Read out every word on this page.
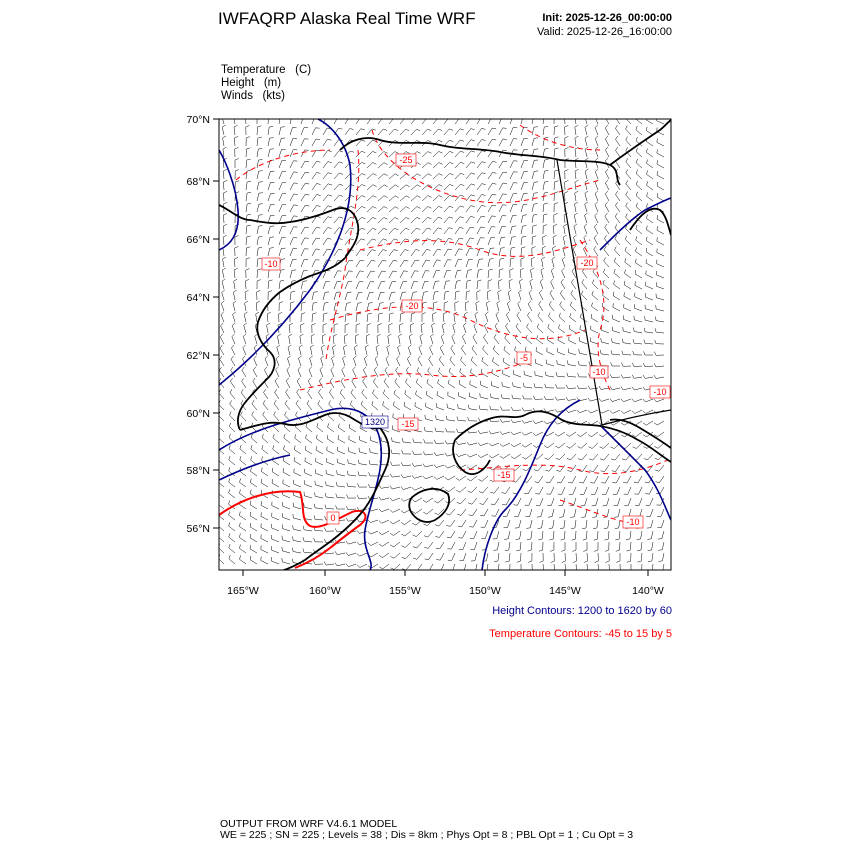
IWFAQRP Alaska Real Time WRF	Init: 2025-12-26_00:00:00
Valid: 2025-12-26_16:00:00
Temperature (C)
Height (m)
Winds (kts)
70°N
68°N
66°N
64°N
62°N
60°N
58°N
56°N
165°W	160°W	155°W	150°W	145°W	140°W
-20
-20
-10
-10
-10
0
-5
-25
-15
-15
-10
1320
Height Contours: 1200 to 1620 by 60
Temperature Contours: -45 to 15 by 5
OUTPUT FROM WRF V4.6.1 MODEL
WE = 225 ; SN = 225 ; Levels = 38 ; Dis = 8km ; Phys Opt = 8 ; PBL Opt = 1 ; Cu Opt = 3
